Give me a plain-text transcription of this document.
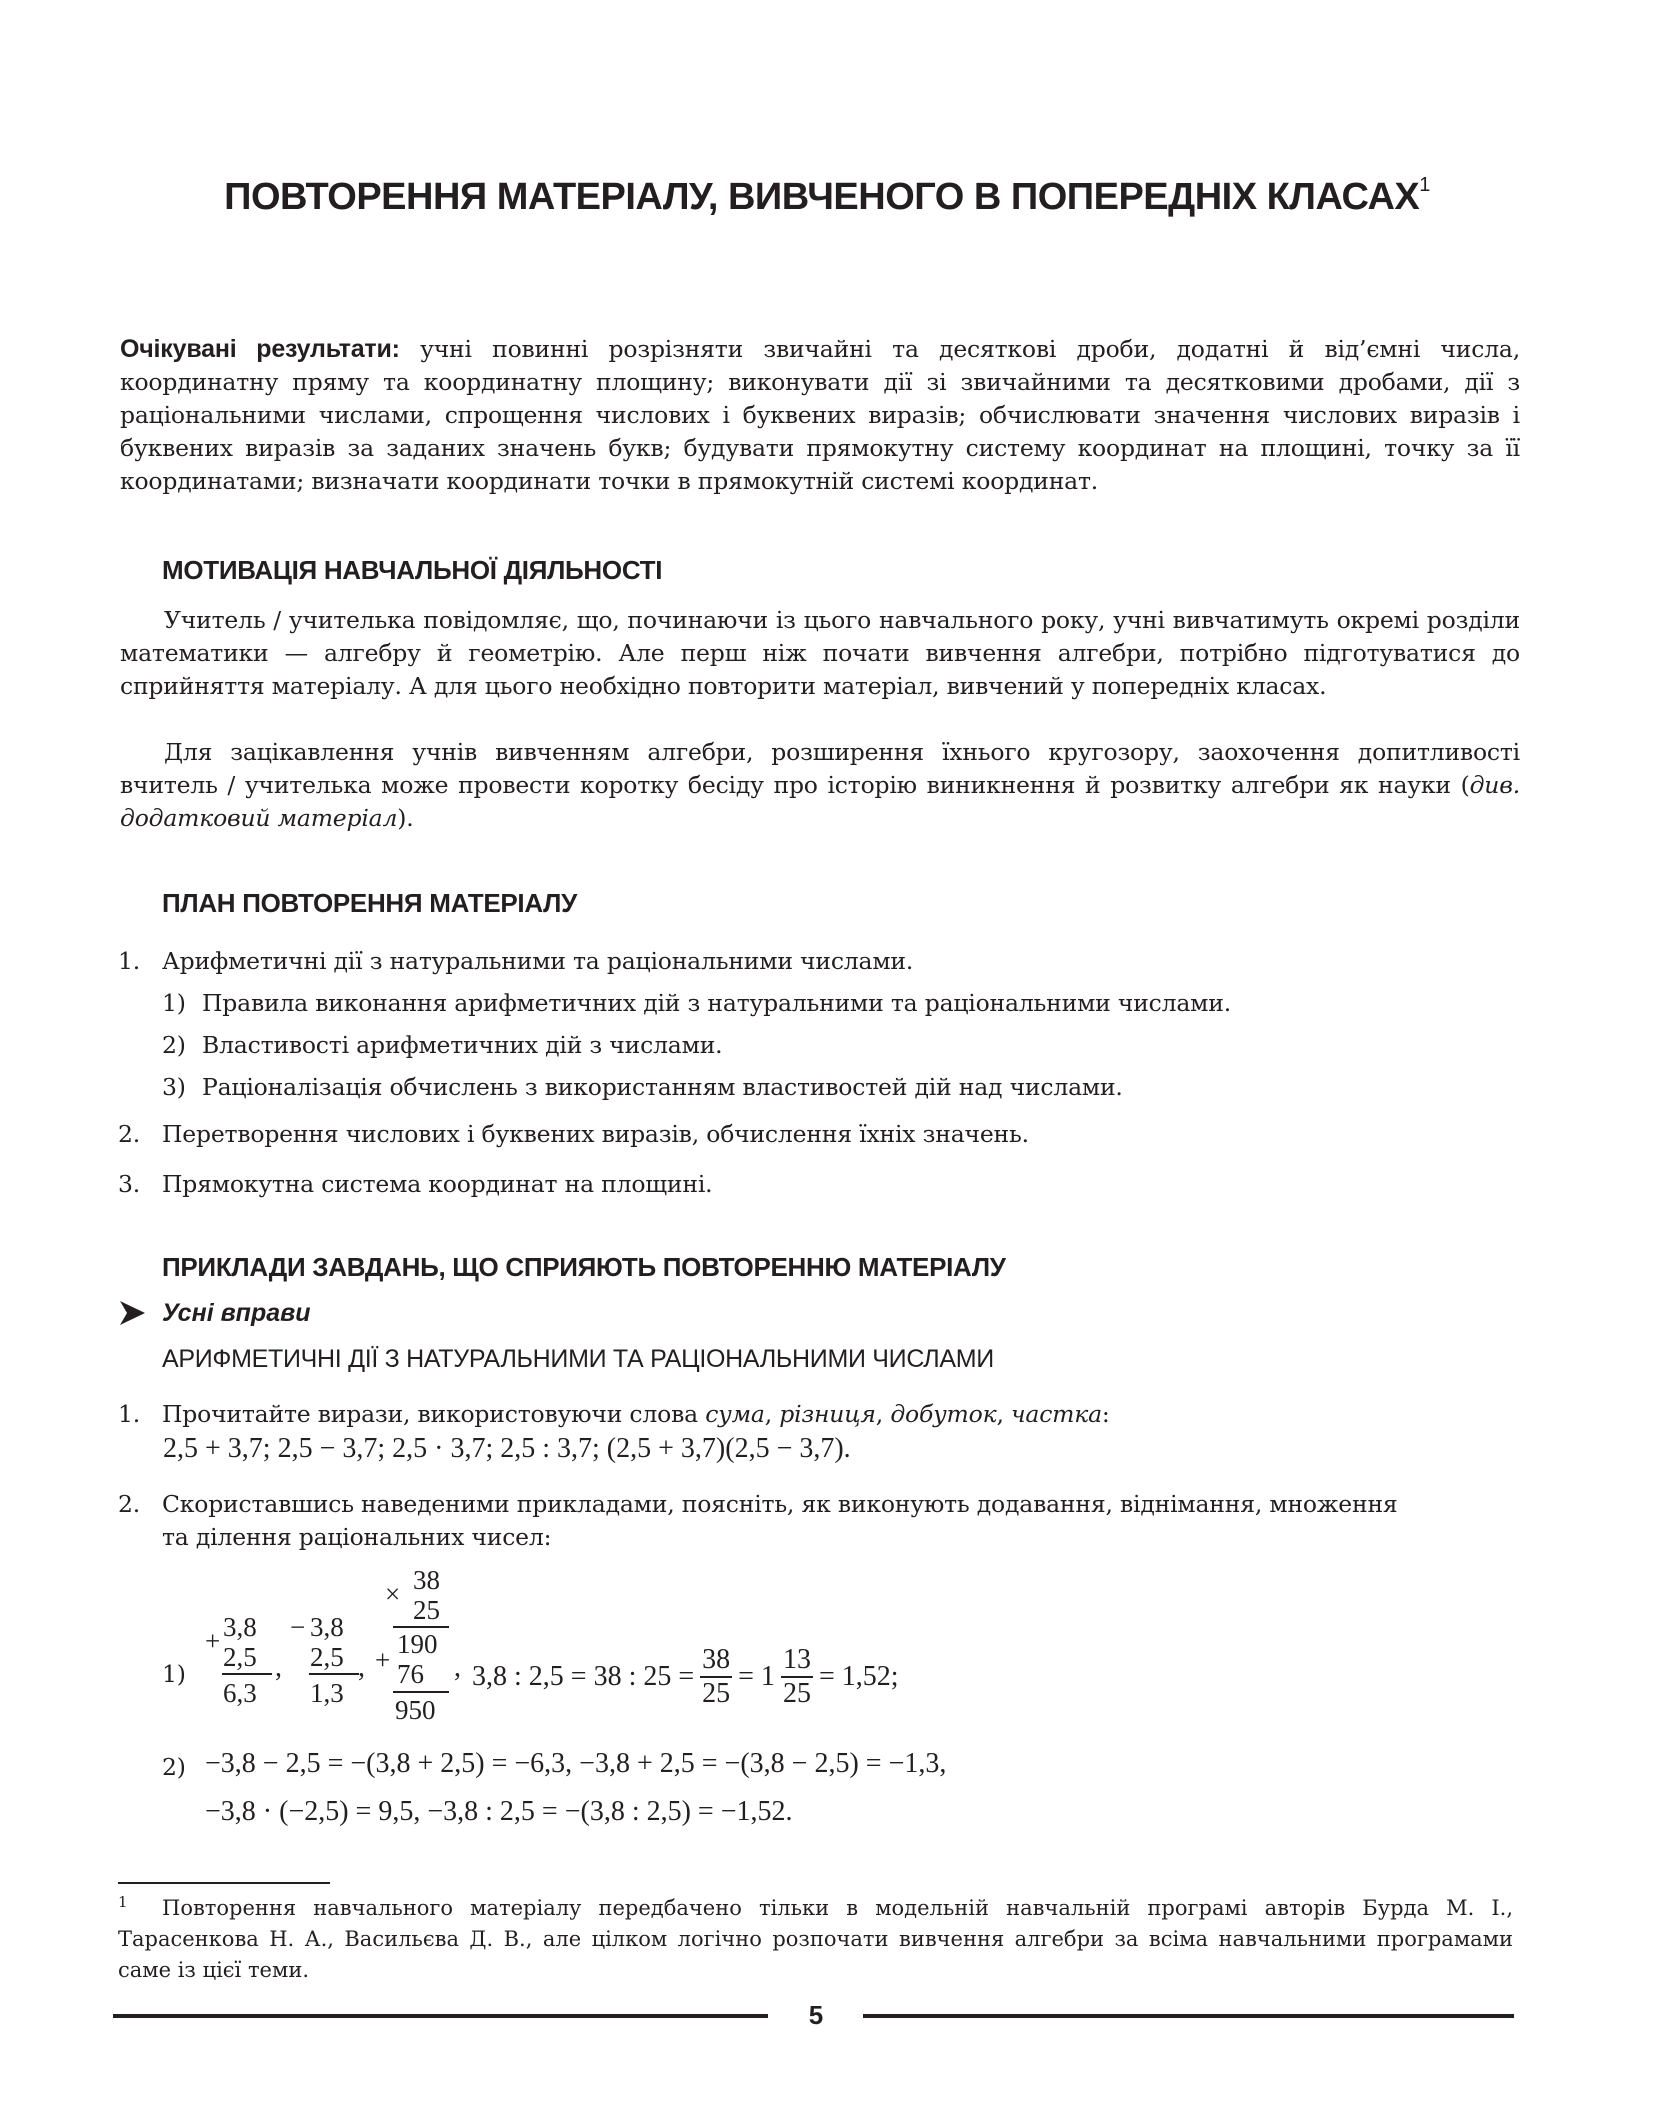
ПОВТОРЕННЯ МАТЕРІАЛУ, ВИВЧЕНОГО В ПОПЕРЕДНІХ КЛАСАХ$^1$
Очікувані результати: учні повинні розрізняти звичайні та десяткові дроби, додатні й від’ємні числа, координатну пряму та координатну площину; виконувати дії зі звичайними та десятковими дробами, дії з раціональними числами, спрощення числових і буквених виразів; обчислювати значення числових виразів і буквених виразів за заданих значень букв; будувати прямокутну систему координат на площині, точку за її координатами; визначати координати точки в прямокутній системі координат.
МОТИВАЦІЯ НАВЧАЛЬНОЇ ДІЯЛЬНОСТІ
Учитель / учителька повідомляє, що, починаючи із цього навчального року, учні вивчатимуть окремі розділи математики — алгебру й геометрію. Але перш ніж почати вивчення алгебри, потрібно підготуватися до сприйняття матеріалу. А для цього необхідно повторити матеріал, вивчений у попередніх класах.
Для зацікавлення учнів вивченням алгебри, розширення їхнього кругозору, заохочення допитливості вчитель / учителька може провести коротку бесіду про історію виникнення й розвитку алгебри як науки (див. додатковий матеріал).
ПЛАН ПОВТОРЕННЯ МАТЕРІАЛУ
1. Арифметичні дії з натуральними та раціональними числами.
1) Правила виконання арифметичних дій з натуральними та раціональними числами.
2) Властивості арифметичних дій з числами.
3) Раціоналізація обчислень з використанням властивостей дій над числами.
2. Перетворення числових і буквених виразів, обчислення їхніх значень.
3. Прямокутна система координат на площині.
ПРИКЛАДИ ЗАВДАНЬ, ЩО СПРИЯЮТЬ ПОВТОРЕННЮ МАТЕРІАЛУ
Усні вправи
АРИФМЕТИЧНІ ДІЇ З НАТУРАЛЬНИМИ ТА РАЦІОНАЛЬНИМИ ЧИСЛАМИ
1. Прочитайте вирази, використовуючи слова сума, різниця, добуток, частка:
2,5 + 3,7; 2,5 − 3,7; 2,5 · 3,7; 2,5 : 3,7; (2,5 + 3,7)(2,5 − 3,7).
2. Скориставшись наведеними прикладами, поясніть, як виконують додавання, віднімання, множення
та ділення раціональних чисел:
1)
+ 3,8
2,5
6,3
,
− 3,8
2,5
1,3
,
× 38
25
190
+ 76
950
, 3,8 : 2,5 = 38 : $25 = \frac{38}{25} = 1 \frac{13}{25} = 1,52$;
2) −3,8 − 2,5 = −(3,8 + 2,5) = −6,3, −3,8 + 2,5 = −(3,8 − 2,5) = −1,3,
−3,8 · (−2,5) = 9,5, −3,8 : 2,5 = −(3,8 : 2,5) = −1,52.
1	Повторення навчального матеріалу передбачено тільки в модельній навчальній програмі авторів Бурда М. І., Тарасенкова Н. А., Васильєва Д. В., але цілком логічно розпочати вивчення алгебри за всіма навчальними програмами саме із цієї теми.
5
